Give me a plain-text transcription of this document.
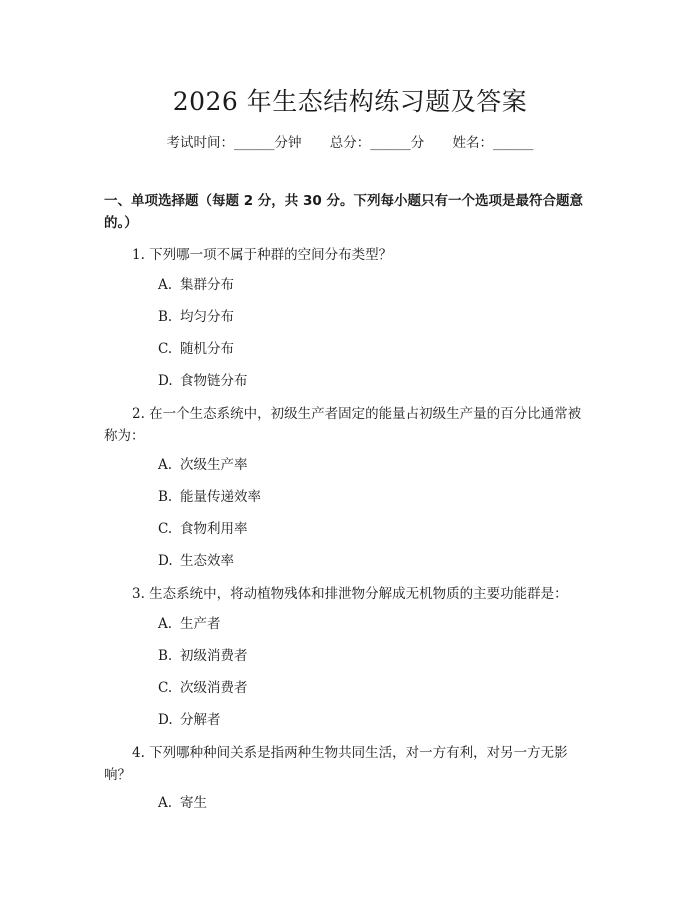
2026 年生态结构练习题及答案
考试时间：______分钟 总分：______分 姓名：______
一、单项选择题（每题 2 分，共 30 分。下列每小题只有一个选项是最符合题意的。）
1. 下列哪一项不属于种群的空间分布类型？
A. 集群分布
B. 均匀分布
C. 随机分布
D. 食物链分布
2. 在一个生态系统中，初级生产者固定的能量占初级生产量的百分比通常被称为：
A. 次级生产率
B. 能量传递效率
C. 食物利用率
D. 生态效率
3. 生态系统中，将动植物残体和排泄物分解成无机物质的主要功能群是：
A. 生产者
B. 初级消费者
C. 次级消费者
D. 分解者
4. 下列哪种种间关系是指两种生物共同生活，对一方有利，对另一方无影响？
A. 寄生
